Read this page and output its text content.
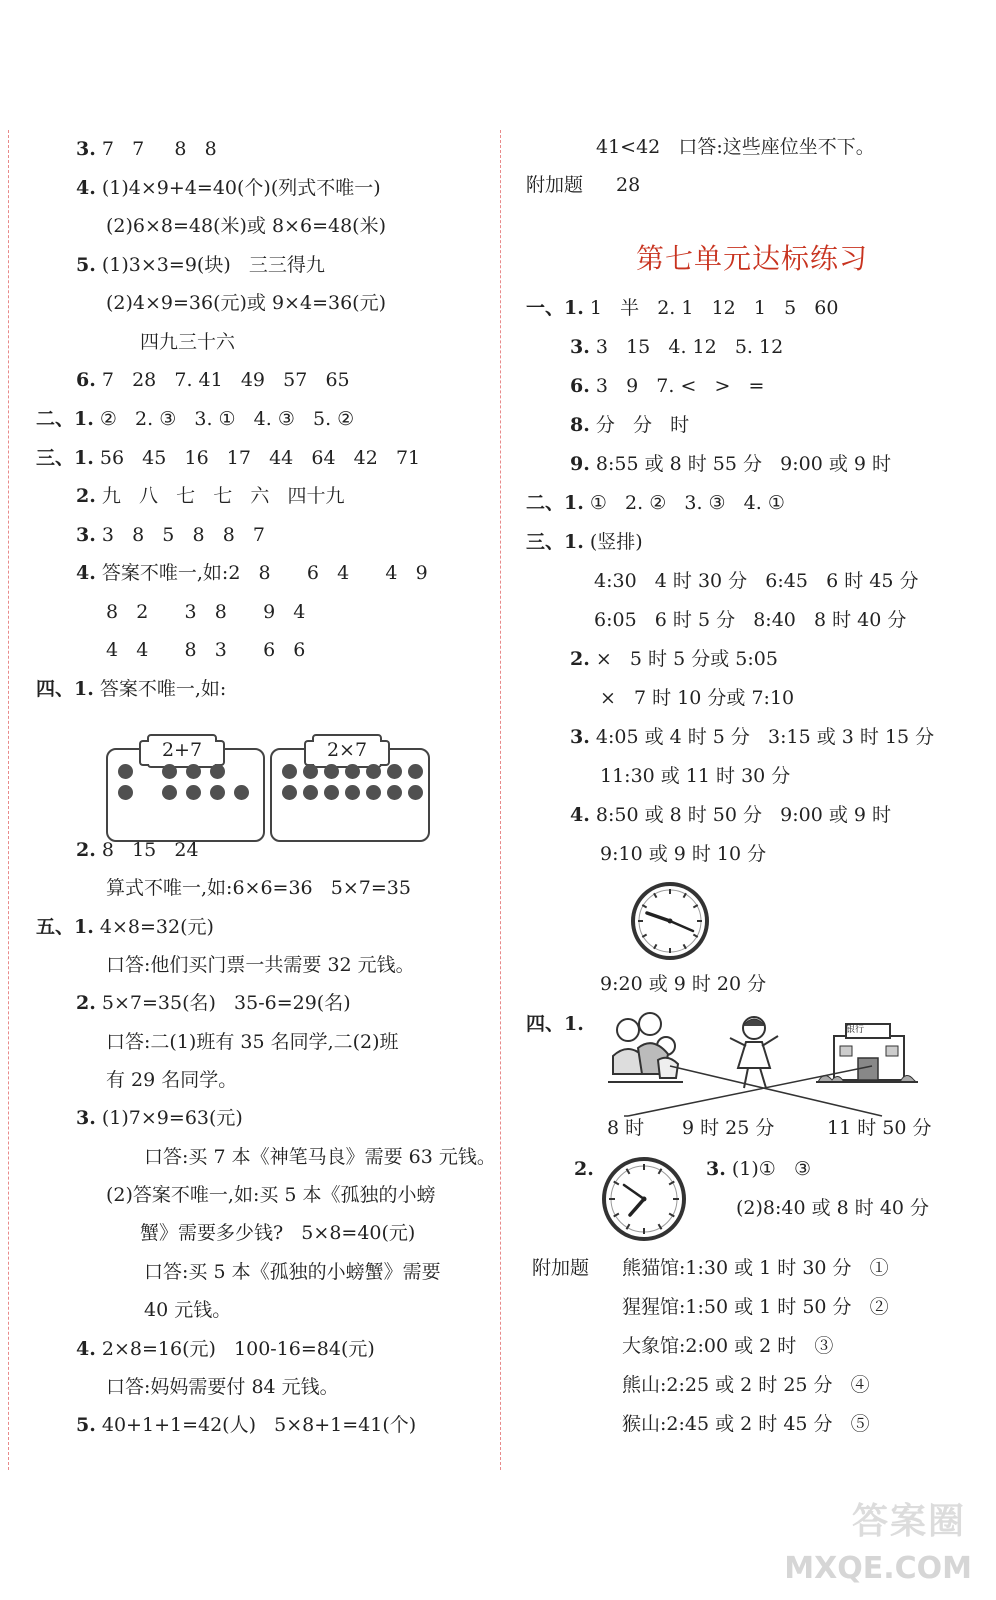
3. 7   7     8   8
4. (1)4×9+4=40(个)(列式不唯一)
(2)6×8=48(米)或 8×6=48(米)
5. (1)3×3=9(块)   三三得九
(2)4×9=36(元)或 9×4=36(元)
四九三十六
6. 7   28   7. 41   49   57   65
二、1. ②   2. ③   3. ①   4. ③   5. ②
三、1. 56   45   16   17   44   64   42   71
2. 九   八   七   七   六   四十九
3. 3   8   5   8   8   7
4. 答案不唯一,如:2   8      6   4      4   9
8   2      3   8      9   4
4   4      8   3      6   6
四、1. 答案不唯一,如:
2+7	2×7
2. 8   15   24
算式不唯一,如:6×6=36   5×7=35
五、1. 4×8=32(元)
口答:他们买门票一共需要 32 元钱。
2. 5×7=35(名)   35-6=29(名)
口答:二(1)班有 35 名同学,二(2)班
有 29 名同学。
3. (1)7×9=63(元)
口答:买 7 本《神笔马良》需要 63 元钱。
(2)答案不唯一,如:买 5 本《孤独的小螃
蟹》需要多少钱?   5×8=40(元)
口答:买 5 本《孤独的小螃蟹》需要
40 元钱。
4. 2×8=16(元)   100-16=84(元)
口答:妈妈需要付 84 元钱。
5. 40+1+1=42(人)   5×8+1=41(个)
41<42   口答:这些座位坐不下。
附加题 28
第七单元达标练习
一、1. 1   半   2. 1   12   1   5   60
3. 3   15   4. 12   5. 12
6. 3   9   7. <   >   =
8. 分   分   时
9. 8:55 或 8 时 55 分   9:00 或 9 时
二、1. ①   2. ②   3. ③   4. ①
三、1. (竖排)
4:30   4 时 30 分   6:45   6 时 45 分
6:05   6 时 5 分   8:40   8 时 40 分
2. ×   5 时 5 分或 5:05
×   7 时 10 分或 7:10
3. 4:05 或 4 时 5 分   3:15 或 3 时 15 分
11:30 或 11 时 30 分
4. 8:50 或 8 时 50 分   9:00 或 9 时
9:10 或 9 时 10 分
9:20 或 9 时 20 分
四、1.	银行
8 时 9 时 25 分	11 时 50 分
2.	3. (1)①   ③
(2)8:40 或 8 时 40 分
附加题 熊猫馆:1:30 或 1 时 30 分   ①
猩猩馆:1:50 或 1 时 50 分   ②
大象馆:2:00 或 2 时   ③
熊山:2:25 或 2 时 25 分   ④
猴山:2:45 或 2 时 45 分   ⑤
答案圈
MXQE.COM
